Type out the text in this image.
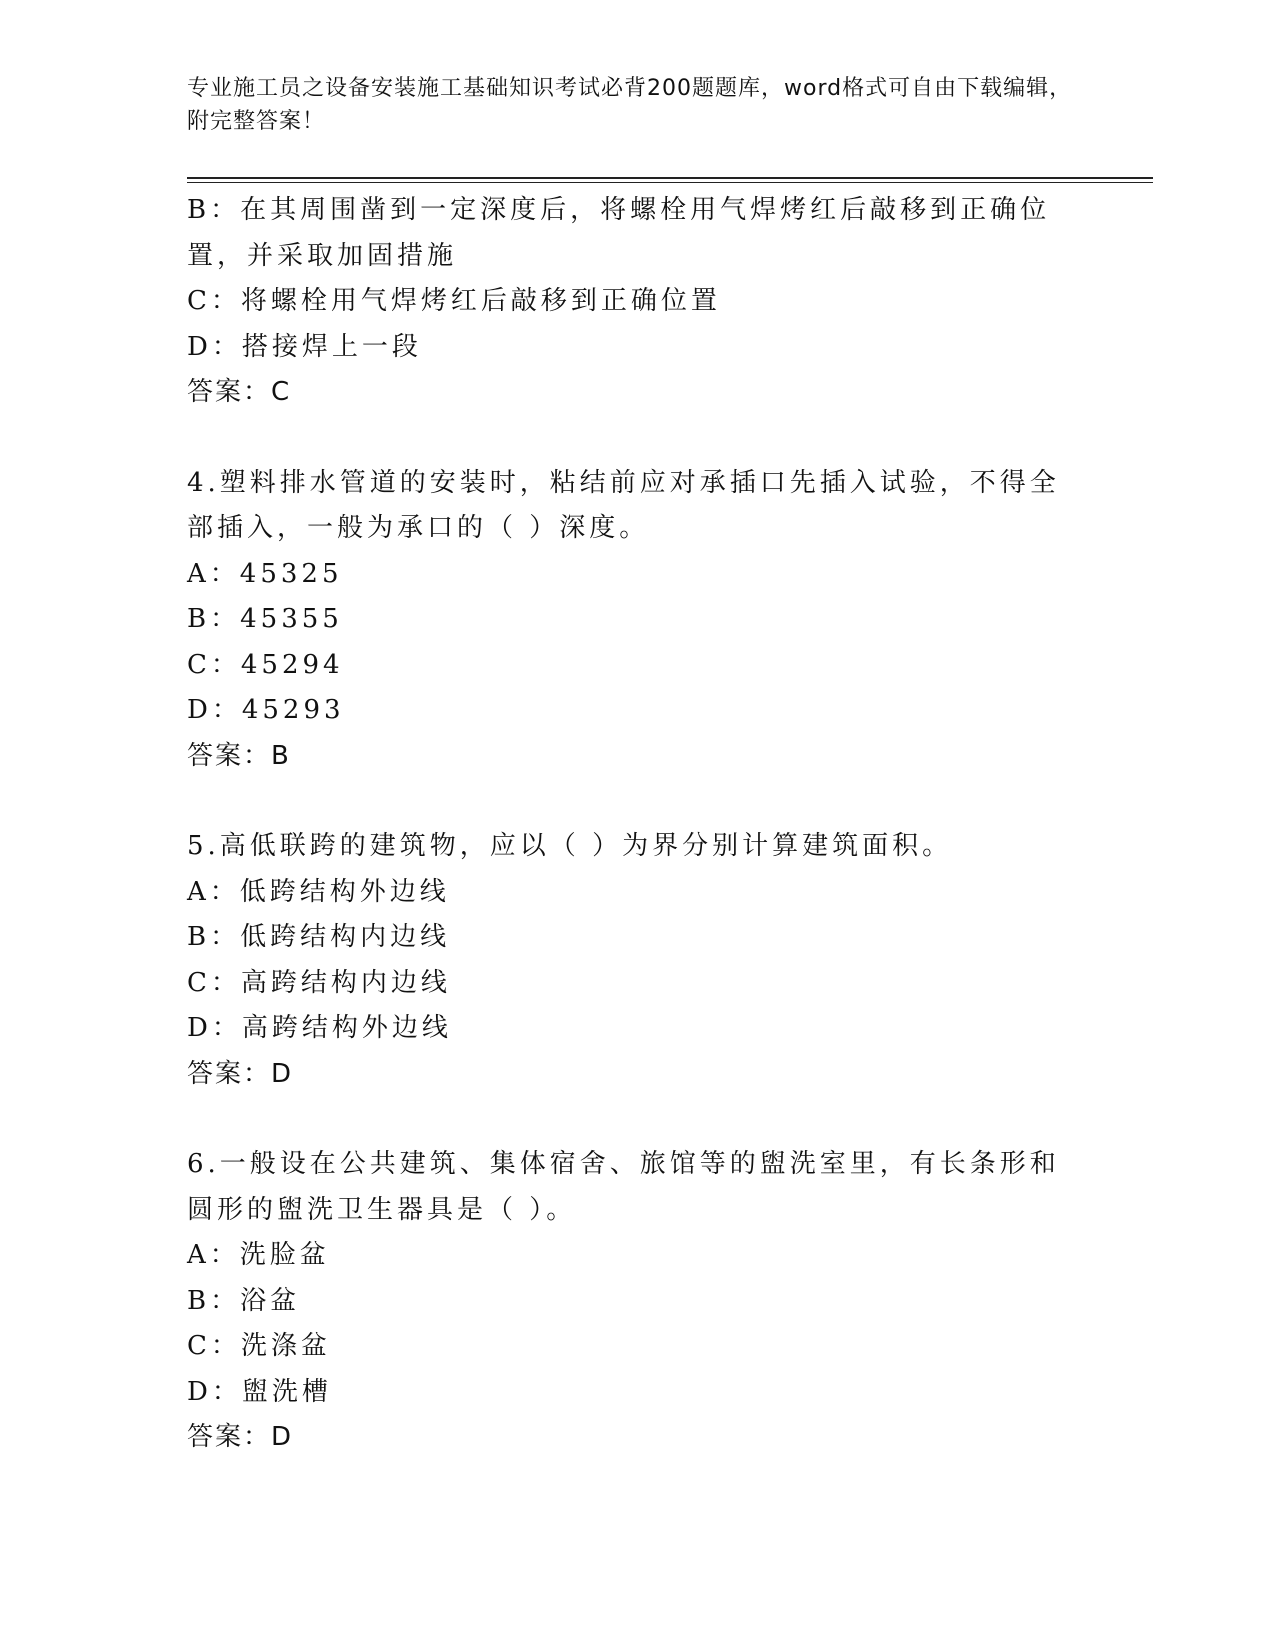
专业施工员之设备安装施工基础知识考试必背200题题库，word格式可自由下载编辑，附完整答案！
B：在其周围凿到一定深度后，将螺栓用气焊烤红后敲移到正确位置，并采取加固措施
C：将螺栓用气焊烤红后敲移到正确位置
D：搭接焊上一段
答案：C
4.塑料排水管道的安装时，粘结前应对承插口先插入试验，不得全部插入，一般为承口的（ ）深度。
A：45325
B：45355
C：45294
D：45293
答案：B
5.高低联跨的建筑物，应以（ ）为界分别计算建筑面积。
A：低跨结构外边线
B：低跨结构内边线
C：高跨结构内边线
D：高跨结构外边线
答案：D
6.一般设在公共建筑、集体宿舍、旅馆等的盥洗室里，有长条形和圆形的盥洗卫生器具是（ ）。
A：洗脸盆
B：浴盆
C：洗涤盆
D：盥洗槽
答案：D
